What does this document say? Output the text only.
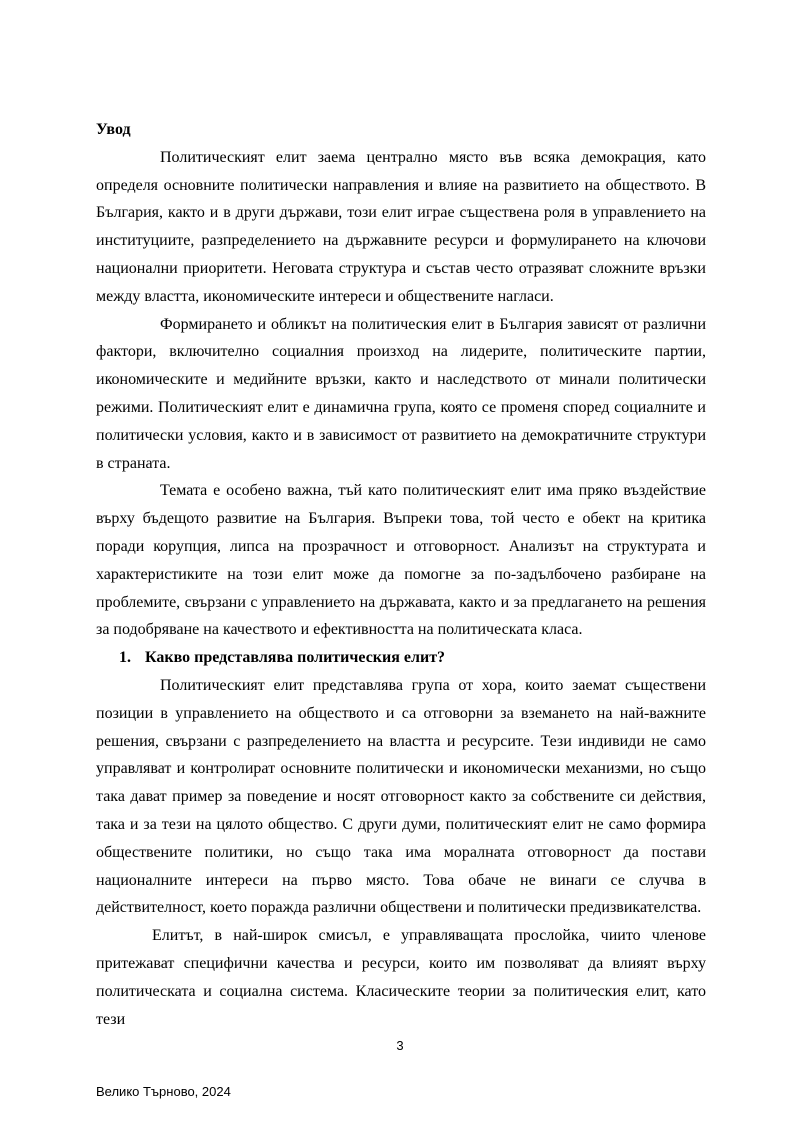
Увод

Политическият елит заема централно място във всяка демокрация, като определя основните политически направления и влияе на развитието на обществото. В България, както и в други държави, този елит играе съществена роля в управлението на институциите, разпределението на държавните ресурси и формулирането на ключови национални приоритети. Неговата структура и състав често отразяват сложните връзки между властта, икономическите интереси и обществените нагласи.

Формирането и обликът на политическия елит в България зависят от различни фактори, включително социалния произход на лидерите, политическите партии, икономическите и медийните връзки, както и наследството от минали политически режими. Политическият елит е динамична група, която се променя според социалните и политически условия, както и в зависимост от развитието на демократичните структури в страната.

Темата е особено важна, тъй като политическият елит има пряко въздействие върху бъдещото развитие на България. Въпреки това, той често е обект на критика поради корупция, липса на прозрачност и отговорност. Анализът на структурата и характеристиките на този елит може да помогне за по-задълбочено разбиране на проблемите, свързани с управлението на държавата, както и за предлагането на решения за подобряване на качеството и ефективността на политическата класа.

1. Какво представлява политическия елит?

Политическият елит представлява група от хора, които заемат съществени позиции в управлението на обществото и са отговорни за вземането на най-важните решения, свързани с разпределението на властта и ресурсите. Тези индивиди не само управляват и контролират основните политически и икономически механизми, но също така дават пример за поведение и носят отговорност както за собствените си действия, така и за тези на цялото общество. С други думи, политическият елит не само формира обществените политики, но също така има моралната отговорност да постави националните интереси на първо място. Това обаче не винаги се случва в действителност, което поражда различни обществени и политически предизвикателства.

Елитът, в най-широк смисъл, е управляващата прослойка, чиито членове притежават специфични качества и ресурси, които им позволяват да влияят върху политическата и социална система. Класическите теории за политическия елит, като тези

3
Велико Търново, 2024
